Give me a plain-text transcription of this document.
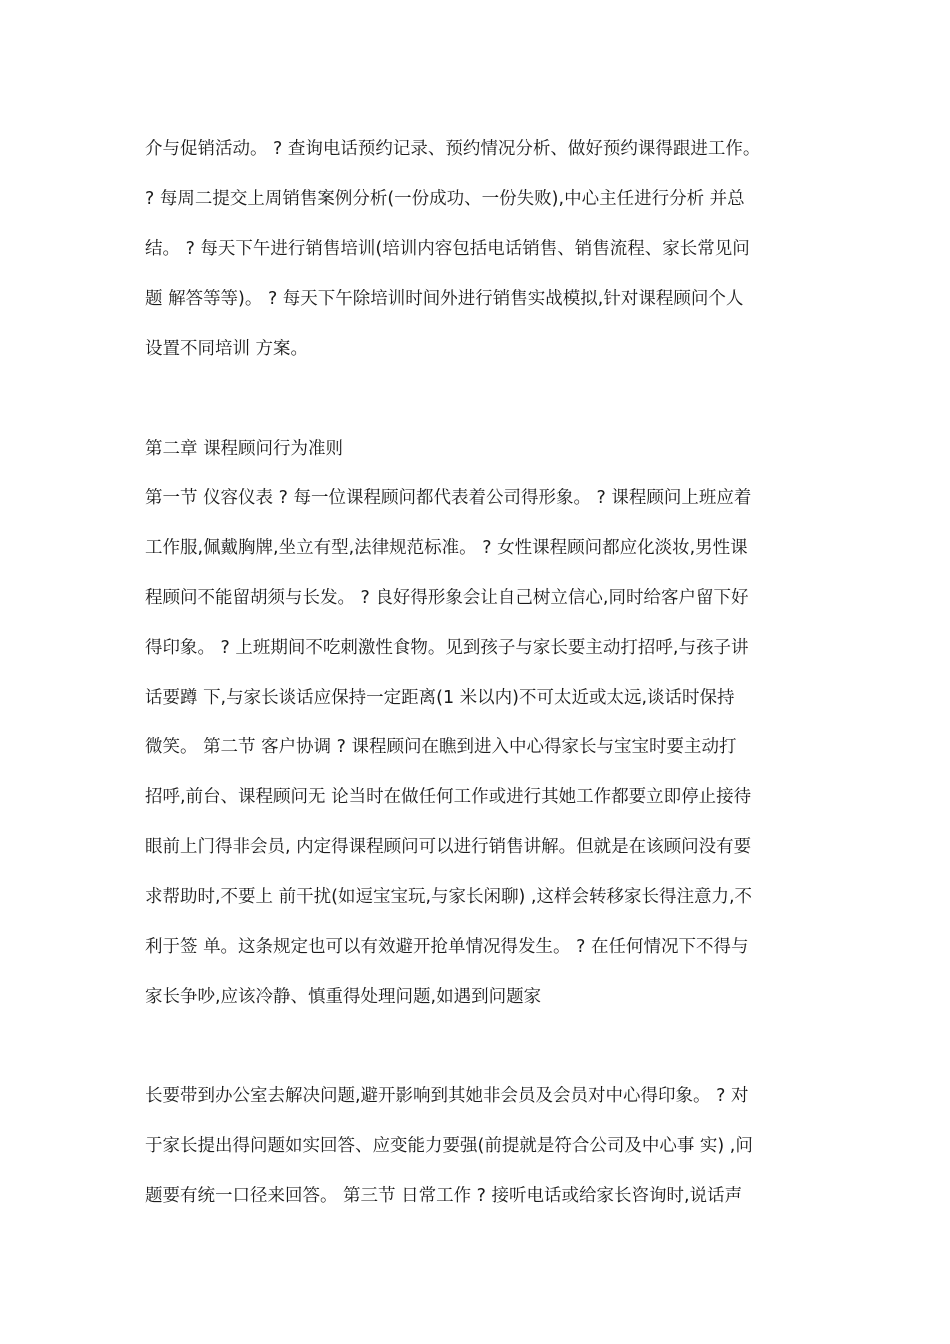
介与促销活动。 ? 查询电话预约记录、预约情况分析、做好预约课得跟进工作。
? 每周二提交上周销售案例分析(一份成功、一份失败),中心主任进行分析 并总
结。 ? 每天下午进行销售培训(培训内容包括电话销售、销售流程、家长常见问
题 解答等等)。 ? 每天下午除培训时间外进行销售实战模拟,针对课程顾问个人
设置不同培训 方案。
第二章 课程顾问行为准则
第一节 仪容仪表 ? 每一位课程顾问都代表着公司得形象。 ? 课程顾问上班应着
工作服,佩戴胸牌,坐立有型,法律规范标准。 ? 女性课程顾问都应化淡妆,男性课
程顾问不能留胡须与长发。 ? 良好得形象会让自己树立信心,同时给客户留下好
得印象。 ? 上班期间不吃刺激性食物。见到孩子与家长要主动打招呼,与孩子讲
话要蹲 下,与家长谈话应保持一定距离(1 米以内)不可太近或太远,谈话时保持
微笑。 第二节 客户协调 ? 课程顾问在瞧到进入中心得家长与宝宝时要主动打
招呼,前台、课程顾问无 论当时在做任何工作或进行其她工作都要立即停止接待
眼前上门得非会员, 内定得课程顾问可以进行销售讲解。但就是在该顾问没有要
求帮助时,不要上 前干扰(如逗宝宝玩,与家长闲聊) ,这样会转移家长得注意力,不
利于签 单。这条规定也可以有效避开抢单情况得发生。 ? 在任何情况下不得与
家长争吵,应该冷静、慎重得处理问题,如遇到问题家
长要带到办公室去解决问题,避开影响到其她非会员及会员对中心得印象。 ? 对
于家长提出得问题如实回答、应变能力要强(前提就是符合公司及中心事 实) ,问
题要有统一口径来回答。 第三节 日常工作 ? 接听电话或给家长咨询时,说话声
